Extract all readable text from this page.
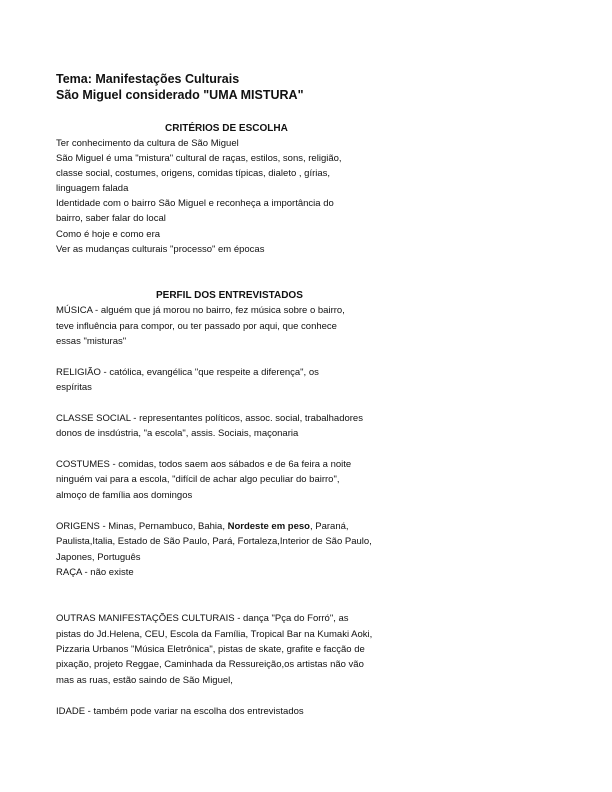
Tema: Manifestações Culturais
São Miguel considerado "UMA MISTURA"
CRITÉRIOS DE ESCOLHA
Ter conhecimento da cultura de São Miguel
São Miguel é uma "mistura" cultural de raças, estilos, sons, religião,
classe social, costumes, origens, comidas típicas, dialeto , gírias,
linguagem falada
Identidade com o bairro São Miguel e reconheça a importância do
bairro, saber falar do local
Como é hoje e como era
Ver as mudanças culturais "processo" em épocas
PERFIL DOS ENTREVISTADOS
MÚSICA - alguém que já morou no bairro, fez música sobre o bairro,
teve influência para compor, ou ter passado por aqui, que conhece
essas "misturas"
RELIGIÃO - católica, evangélica "que respeite a diferença", os
espíritas
CLASSE SOCIAL - representantes políticos, assoc. social, trabalhadores
donos de insdústria, "a escola", assis. Sociais, maçonaria
COSTUMES - comidas, todos saem aos sábados e de 6a feira a noite
ninguém vai para a escola, "difícil de achar algo peculiar do bairro",
almoço de família aos domingos
ORIGENS - Minas, Pernambuco, Bahia, Nordeste em peso, Paraná,
Paulista,Italia, Estado de São Paulo, Pará, Fortaleza,Interior de São Paulo,
Japones, Português
RAÇA - não existe
OUTRAS MANIFESTAÇÕES CULTURAIS - dança "Pça do Forró", as
pistas do Jd.Helena, CEU, Escola da Família, Tropical Bar na Kumaki Aoki,
Pizzaria Urbanos "Música Eletrônica", pistas de skate, grafite e facção de
pixação, projeto Reggae, Caminhada da Ressureição,os artistas não vão
mas as ruas, estão saindo de São Miguel,
IDADE - também pode variar na escolha dos entrevistados
